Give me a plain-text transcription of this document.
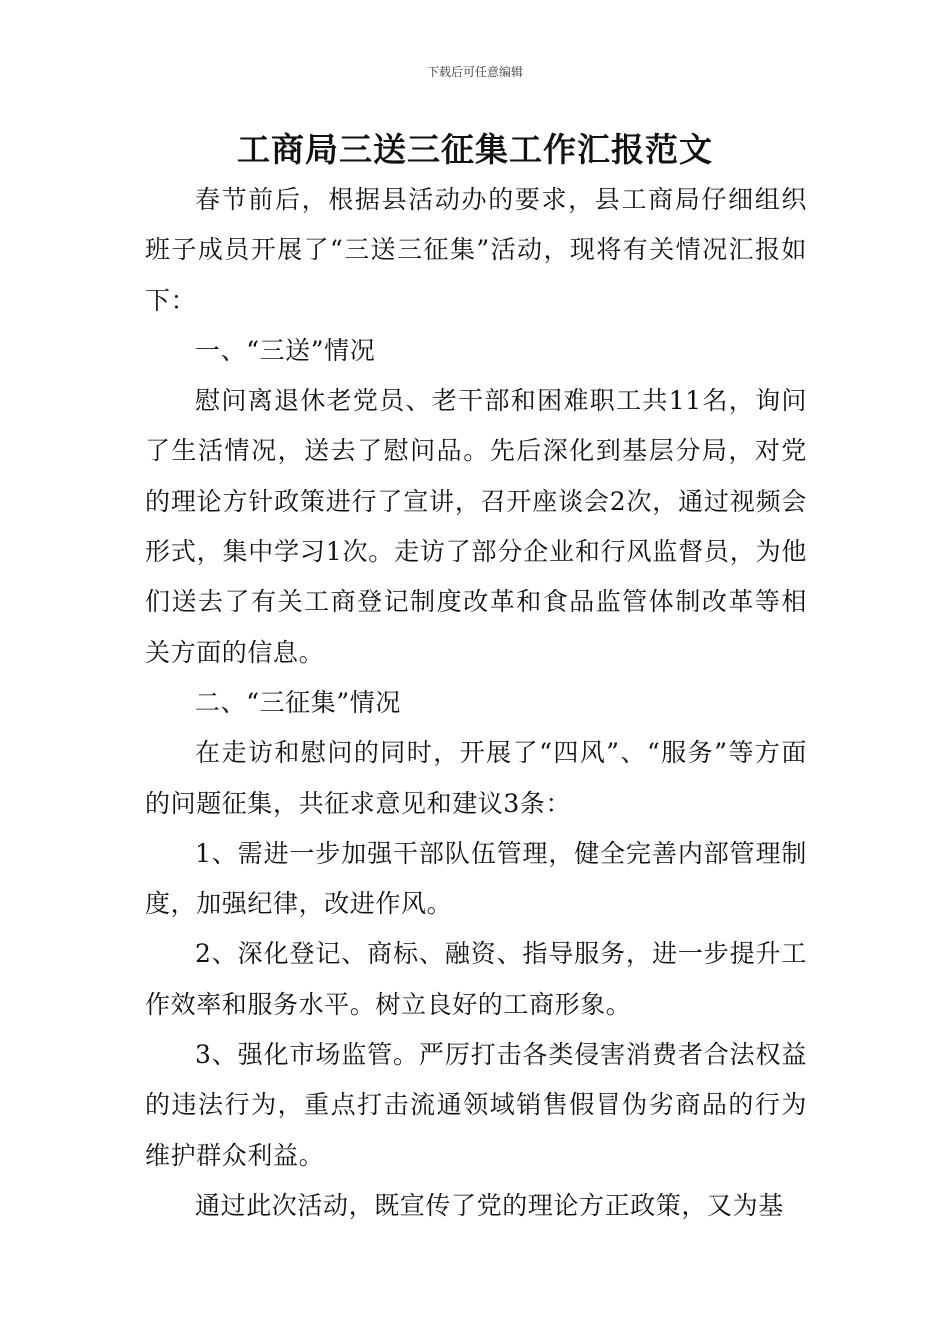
下载后可任意编辑
工商局三送三征集工作汇报范文

春节前后，根据县活动办的要求，县工商局仔细组织班子成员开展了“三送三征集”活动，现将有关情况汇报如下：

一、“三送”情况

慰问离退休老党员、老干部和困难职工共11名，询问了生活情况，送去了慰问品。先后深化到基层分局，对党的理论方针政策进行了宣讲，召开座谈会2次，通过视频会形式，集中学习1次。走访了部分企业和行风监督员，为他们送去了有关工商登记制度改革和食品监管体制改革等相关方面的信息。

二、“三征集”情况

在走访和慰问的同时，开展了“四风”、“服务”等方面的问题征集，共征求意见和建议3条：

1、需进一步加强干部队伍管理，健全完善内部管理制度，加强纪律，改进作风。

2、深化登记、商标、融资、指导服务，进一步提升工作效率和服务水平。树立良好的工商形象。

3、强化市场监管。严厉打击各类侵害消费者合法权益的违法行为，重点打击流通领域销售假冒伪劣商品的行为维护群众利益。

通过此次活动，既宣传了党的理论方正政策，又为基
